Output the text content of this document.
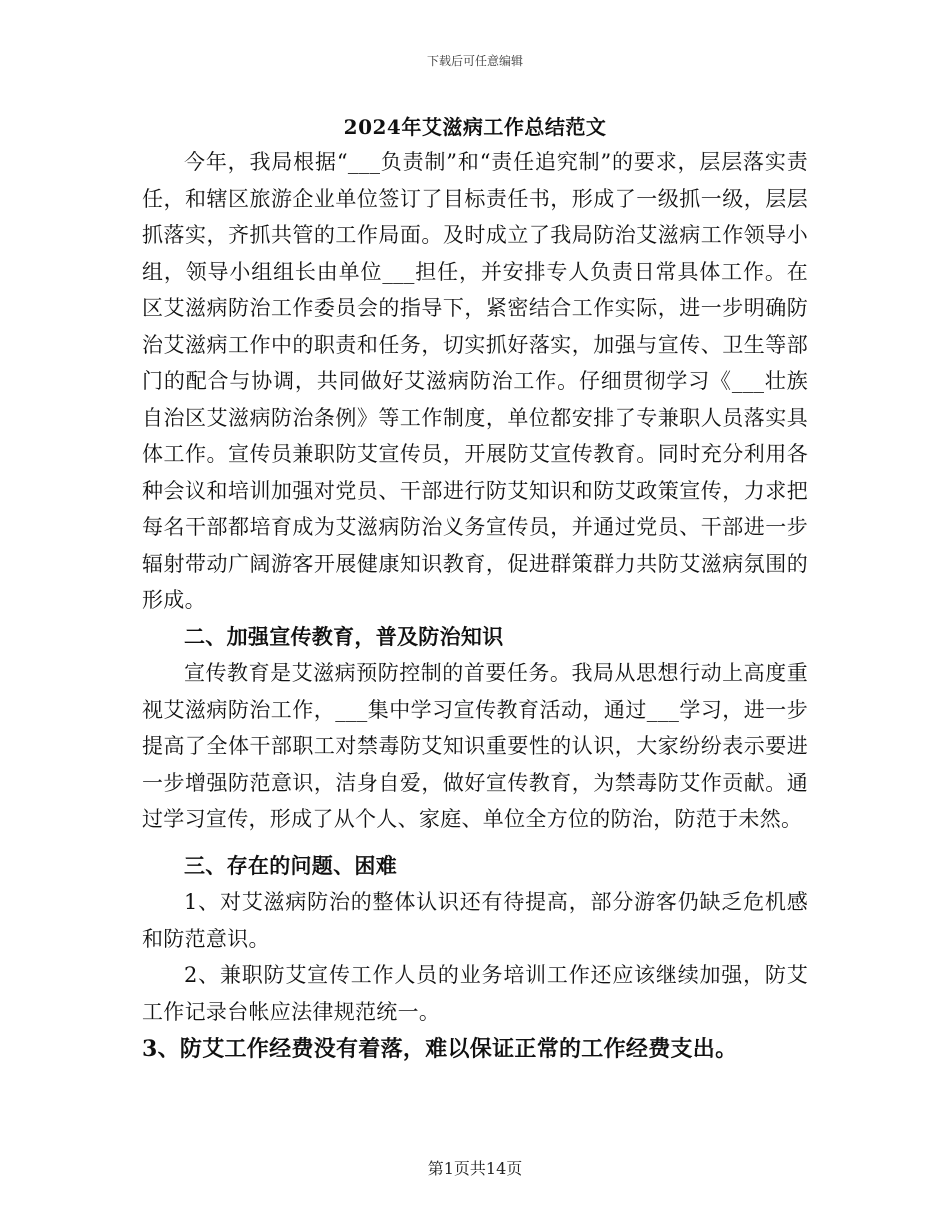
下载后可任意编辑
2024年艾滋病工作总结范文

今年，我局根据“___负责制”和“责任追究制”的要求，层层落实责任，和辖区旅游企业单位签订了目标责任书，形成了一级抓一级，层层抓落实，齐抓共管的工作局面。及时成立了我局防治艾滋病工作领导小组，领导小组组长由单位___担任，并安排专人负责日常具体工作。在区艾滋病防治工作委员会的指导下，紧密结合工作实际，进一步明确防治艾滋病工作中的职责和任务，切实抓好落实，加强与宣传、卫生等部门的配合与协调，共同做好艾滋病防治工作。仔细贯彻学习《___壮族自治区艾滋病防治条例》等工作制度，单位都安排了专兼职人员落实具体工作。宣传员兼职防艾宣传员，开展防艾宣传教育。同时充分利用各种会议和培训加强对党员、干部进行防艾知识和防艾政策宣传，力求把每名干部都培育成为艾滋病防治义务宣传员，并通过党员、干部进一步辐射带动广阔游客开展健康知识教育，促进群策群力共防艾滋病氛围的形成。

二、加强宣传教育，普及防治知识

宣传教育是艾滋病预防控制的首要任务。我局从思想行动上高度重视艾滋病防治工作，___集中学习宣传教育活动，通过___学习，进一步提高了全体干部职工对禁毒防艾知识重要性的认识，大家纷纷表示要进一步增强防范意识，洁身自爱，做好宣传教育，为禁毒防艾作贡献。通过学习宣传，形成了从个人、家庭、单位全方位的防治，防范于未然。

三、存在的问题、困难

1、对艾滋病防治的整体认识还有待提高，部分游客仍缺乏危机感和防范意识。

2、兼职防艾宣传工作人员的业务培训工作还应该继续加强，防艾工作记录台帐应法律规范统一。

3、防艾工作经费没有着落，难以保证正常的工作经费支出。

第1页共14页
